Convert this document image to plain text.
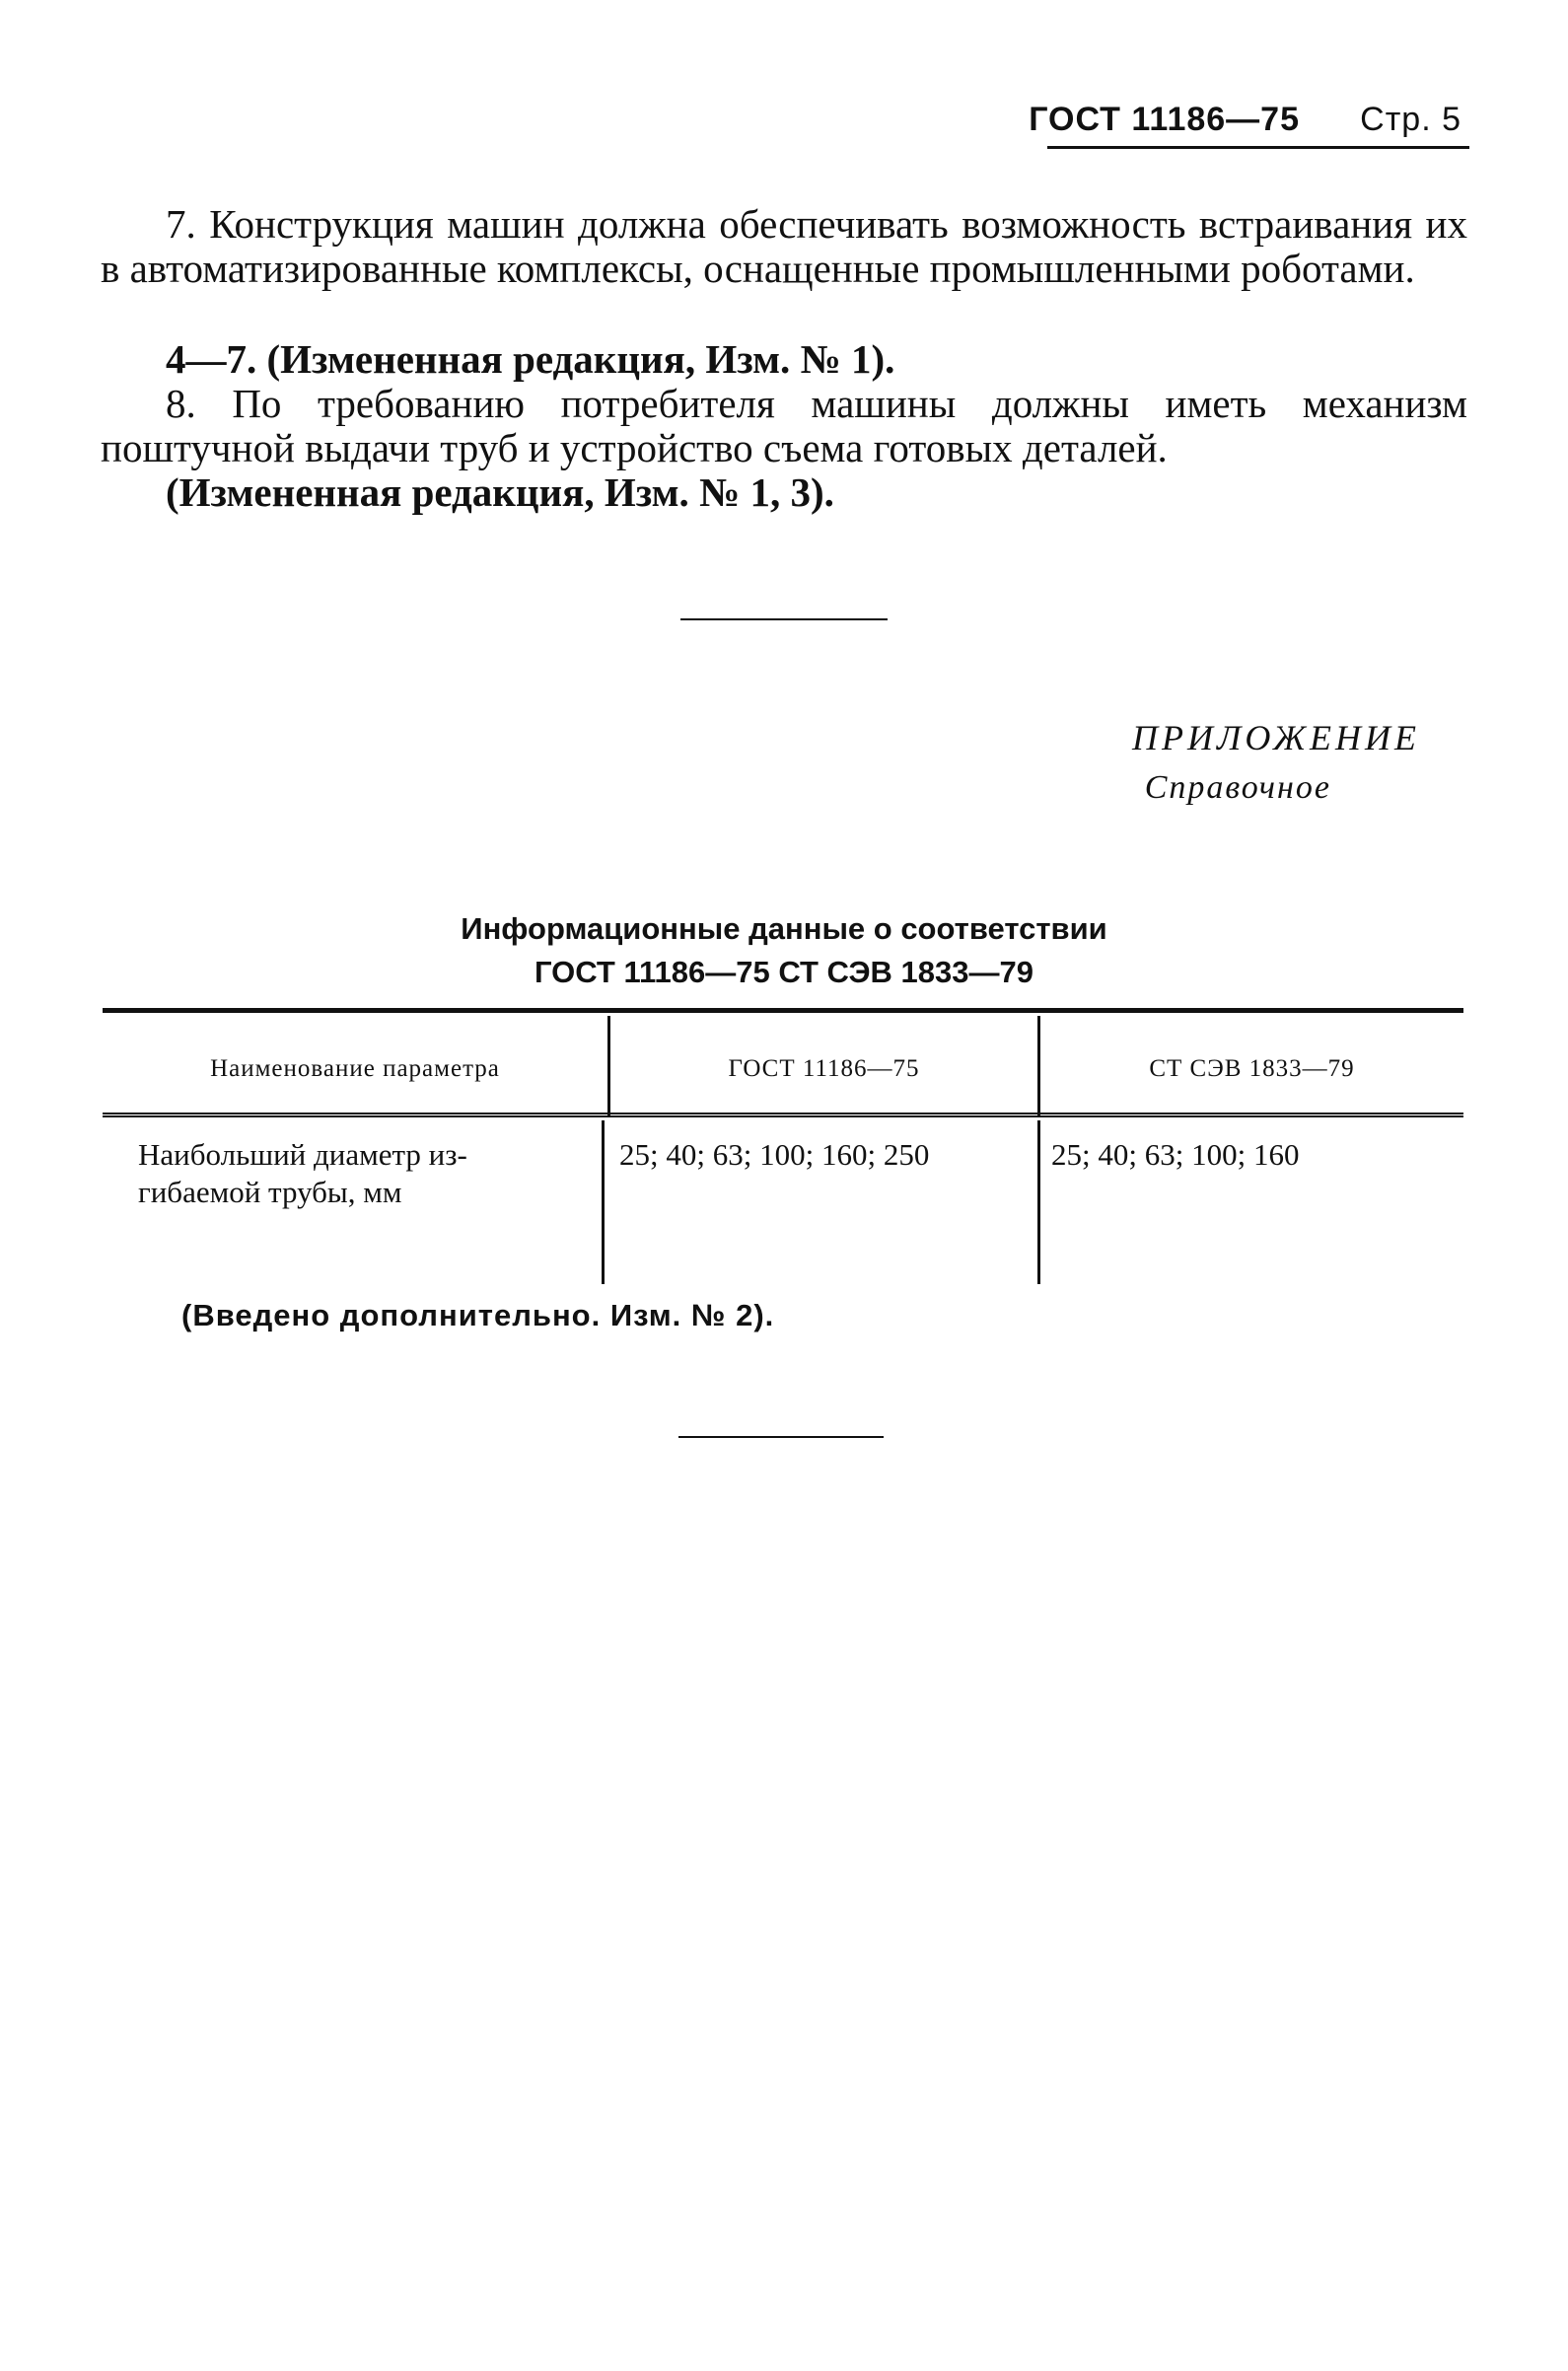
ГОСТ 11186—75 Стр. 5
7. Конструкция машин должна обеспечивать возможность встраивания их в автоматизированные комплексы, оснащенные промышленными роботами.
4—7. (Измененная редакция, Изм. № 1).
8. По требованию потребителя машины должны иметь механизм поштучной выдачи труб и устройство съема готовых деталей.
(Измененная редакция, Изм. № 1, 3).
ПРИЛОЖЕНИЕ
Справочное
Информационные данные о соответствии
ГОСТ 11186—75 СТ СЭВ 1833—79
Наименование параметра	ГОСТ 11186—75	СТ СЭВ 1833—79
Наибольший диаметр из-
гибаемой трубы, мм
25; 40; 63; 100; 160; 250	25; 40; 63; 100; 160
(Введено дополнительно. Изм. № 2).
